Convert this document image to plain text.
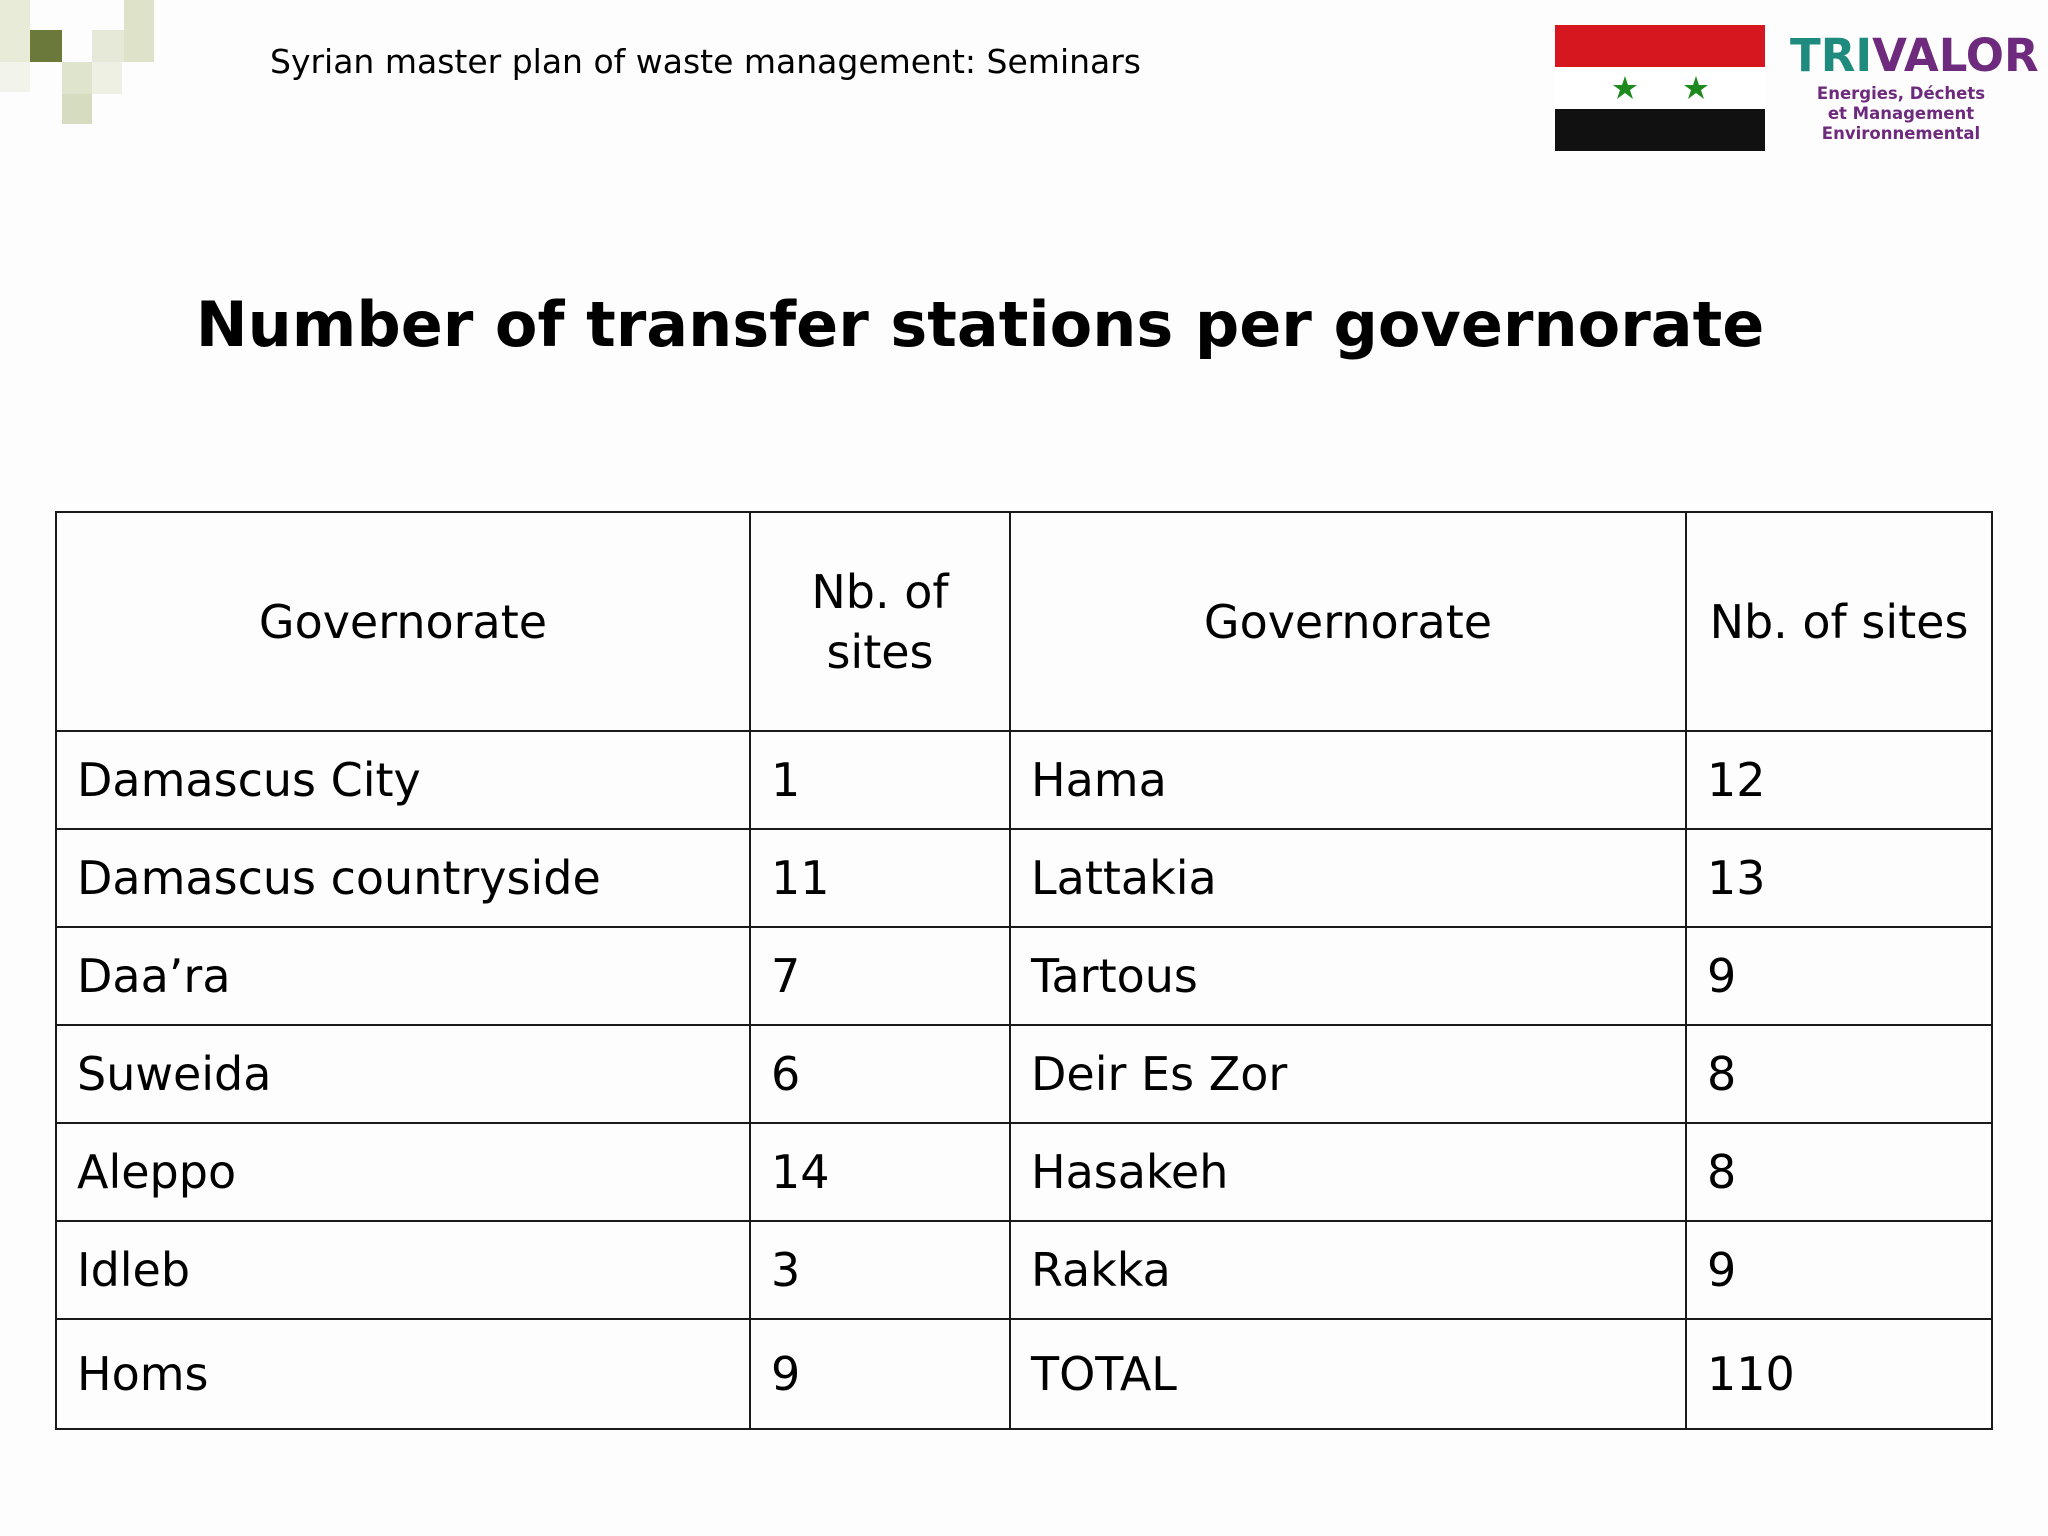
Syrian master plan of waste management: Seminars	TRIVALOR
Energies, Déchets
et Management
Environnemental
Number of transfer stations per governorate
Governorate	Nb. of sites	Governorate	Nb. of sites
Damascus City	1	Hama	12
Damascus countryside	11	Lattakia	13
Daa’ra	7	Tartous	9
Suweida	6	Deir Es Zor	8
Aleppo	14	Hasakeh	8
Idleb	3	Rakka	9
Homs	9	TOTAL	110
